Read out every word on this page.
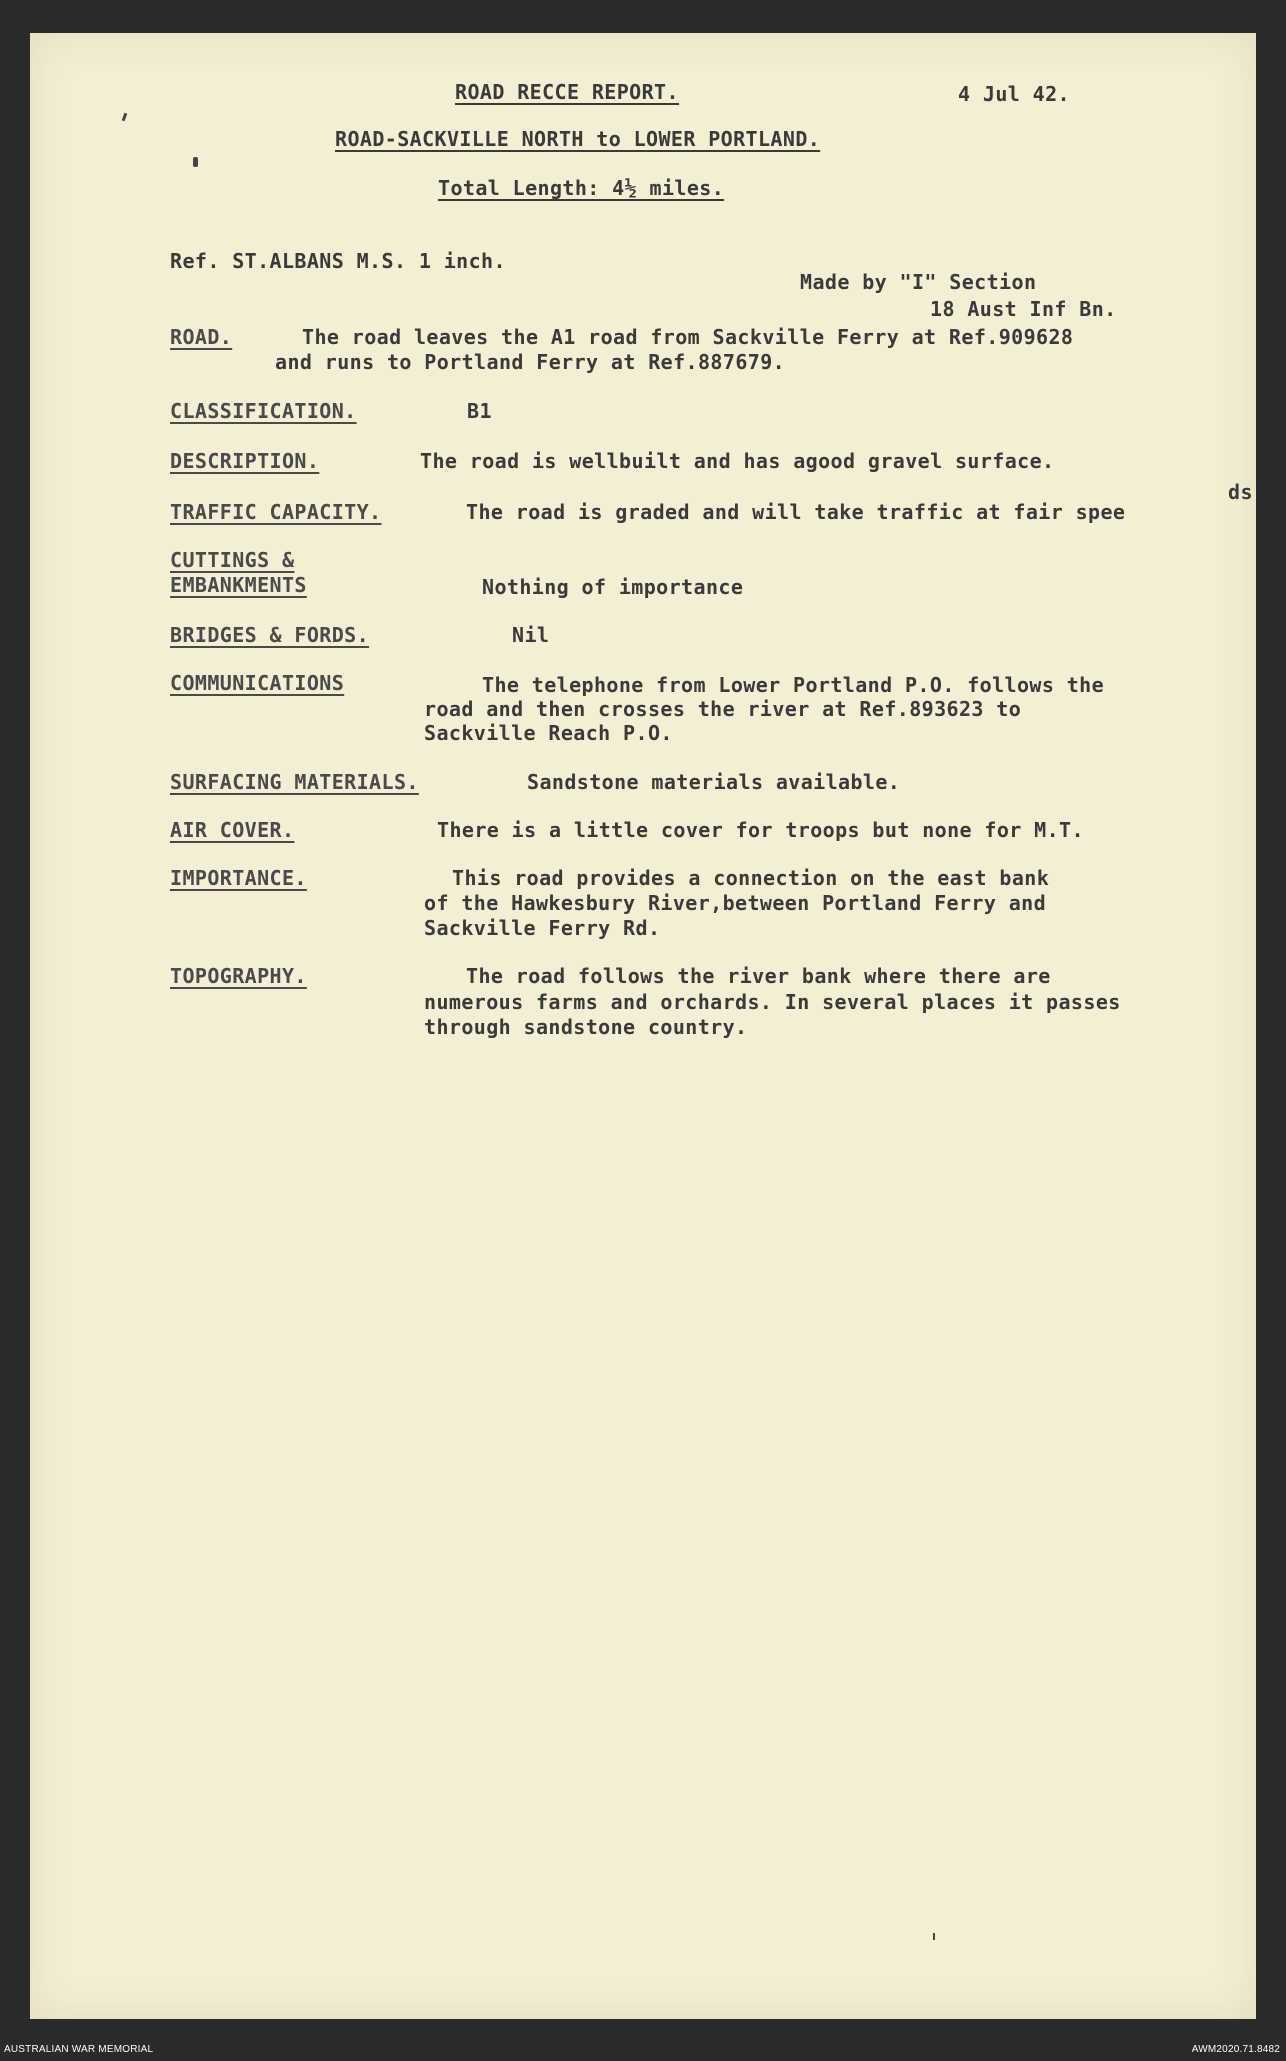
ROAD RECCE REPORT.	4 Jul 42.
ROAD-SACKVILLE NORTH to LOWER PORTLAND.
Total Length: 4½ miles.
Ref. ST.ALBANS M.S. 1 inch.
Made by "I" Section
18 Aust Inf Bn.
ROAD.	The road leaves the A1 road from Sackville Ferry at Ref.909628
and runs to Portland Ferry at Ref.887679.
CLASSIFICATION.	B1
DESCRIPTION.	The road is wellbuilt and has agood gravel surface.
ds
TRAFFIC CAPACITY.	The road is graded and will take traffic at fair spee
CUTTINGS &
EMBANKMENTS	Nothing of importance
BRIDGES & FORDS.	Nil
COMMUNICATIONS	The telephone from Lower Portland P.O. follows the
road and then crosses the river at Ref.893623 to
Sackville Reach P.O.
SURFACING MATERIALS.	Sandstone materials available.
AIR COVER.	There is a little cover for troops but none for M.T.
IMPORTANCE.	This road provides a connection on the east bank
of the Hawkesbury River,between Portland Ferry and
Sackville Ferry Rd.
TOPOGRAPHY.	The road follows the river bank where there are
numerous farms and orchards. In several places it passes
through sandstone country.
AUSTRALIAN WAR MEMORIAL	AWM2020.71.8482
